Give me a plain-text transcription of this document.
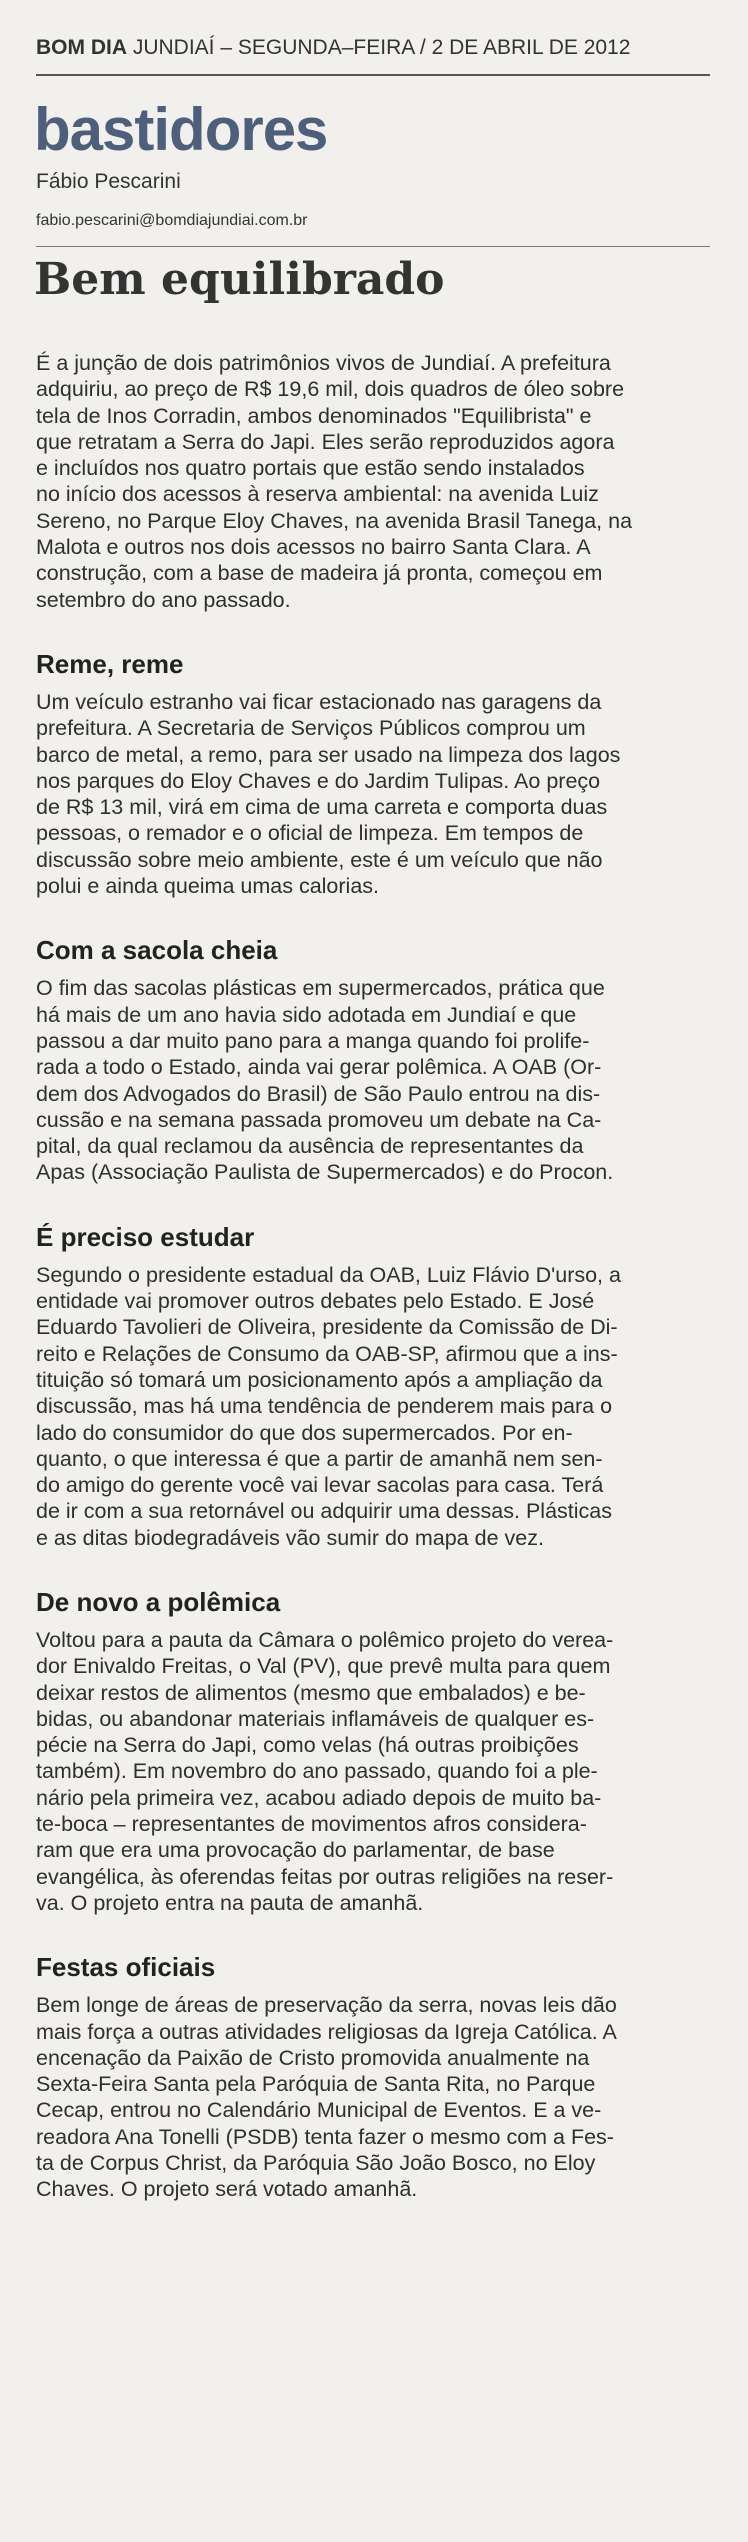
BOM DIA JUNDIAÍ – SEGUNDA–FEIRA / 2 DE ABRIL DE 2012
bastidores
Fábio Pescarini
fabio.pescarini@bomdiajundiai.com.br
Bem equilibrado
É a junção de dois patrimônios vivos de Jundiaí. A prefeitura
adquiriu, ao preço de R$ 19,6 mil, dois quadros de óleo sobre
tela de Inos Corradin, ambos denominados "Equilibrista" e
que retratam a Serra do Japi. Eles serão reproduzidos agora
e incluídos nos quatro portais que estão sendo instalados
no início dos acessos à reserva ambiental: na avenida Luiz
Sereno, no Parque Eloy Chaves, na avenida Brasil Tanega, na
Malota e outros nos dois acessos no bairro Santa Clara. A
construção, com a base de madeira já pronta, começou em
setembro do ano passado.
Reme, reme
Um veículo estranho vai ficar estacionado nas garagens da
prefeitura. A Secretaria de Serviços Públicos comprou um
barco de metal, a remo, para ser usado na limpeza dos lagos
nos parques do Eloy Chaves e do Jardim Tulipas. Ao preço
de R$ 13 mil, virá em cima de uma carreta e comporta duas
pessoas, o remador e o oficial de limpeza. Em tempos de
discussão sobre meio ambiente, este é um veículo que não
polui e ainda queima umas calorias.
Com a sacola cheia
O fim das sacolas plásticas em supermercados, prática que
há mais de um ano havia sido adotada em Jundiaí e que
passou a dar muito pano para a manga quando foi prolife-
rada a todo o Estado, ainda vai gerar polêmica. A OAB (Or-
dem dos Advogados do Brasil) de São Paulo entrou na dis-
cussão e na semana passada promoveu um debate na Ca-
pital, da qual reclamou da ausência de representantes da
Apas (Associação Paulista de Supermercados) e do Procon.
É preciso estudar
Segundo o presidente estadual da OAB, Luiz Flávio D'urso, a
entidade vai promover outros debates pelo Estado. E José
Eduardo Tavolieri de Oliveira, presidente da Comissão de Di-
reito e Relações de Consumo da OAB-SP, afirmou que a ins-
tituição só tomará um posicionamento após a ampliação da
discussão, mas há uma tendência de penderem mais para o
lado do consumidor do que dos supermercados. Por en-
quanto, o que interessa é que a partir de amanhã nem sen-
do amigo do gerente você vai levar sacolas para casa. Terá
de ir com a sua retornável ou adquirir uma dessas. Plásticas
e as ditas biodegradáveis vão sumir do mapa de vez.
De novo a polêmica
Voltou para a pauta da Câmara o polêmico projeto do verea-
dor Enivaldo Freitas, o Val (PV), que prevê multa para quem
deixar restos de alimentos (mesmo que embalados) e be-
bidas, ou abandonar materiais inflamáveis de qualquer es-
pécie na Serra do Japi, como velas (há outras proibições
também). Em novembro do ano passado, quando foi a ple-
nário pela primeira vez, acabou adiado depois de muito ba-
te-boca – representantes de movimentos afros considera-
ram que era uma provocação do parlamentar, de base
evangélica, às oferendas feitas por outras religiões na reser-
va. O projeto entra na pauta de amanhã.
Festas oficiais
Bem longe de áreas de preservação da serra, novas leis dão
mais força a outras atividades religiosas da Igreja Católica. A
encenação da Paixão de Cristo promovida anualmente na
Sexta-Feira Santa pela Paróquia de Santa Rita, no Parque
Cecap, entrou no Calendário Municipal de Eventos. E a ve-
readora Ana Tonelli (PSDB) tenta fazer o mesmo com a Fes-
ta de Corpus Christ, da Paróquia São João Bosco, no Eloy
Chaves. O projeto será votado amanhã.
